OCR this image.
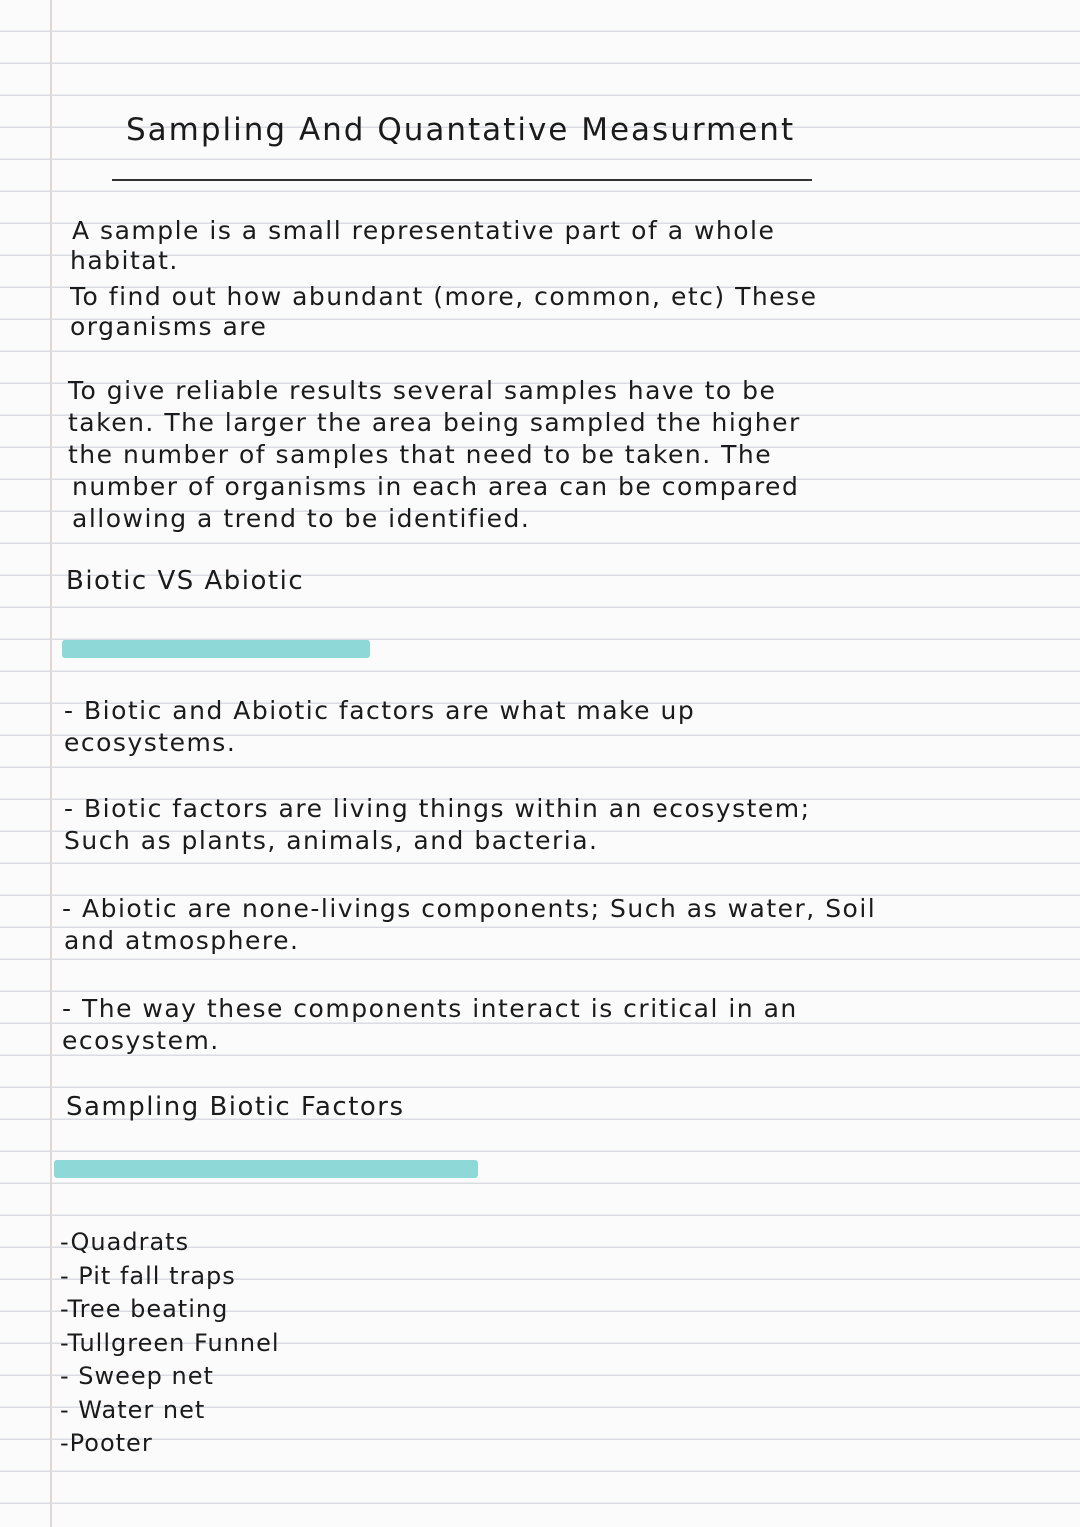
Sampling And Quantative Measurment
A sample is a small representative part of a whole
habitat.
To find out how abundant (more, common, etc) These
organisms are
To give reliable results several samples have to be
taken. The larger the area being sampled the higher
the number of samples that need to be taken. The
number of organisms in each area can be compared
allowing a trend to be identified.
Biotic VS Abiotic
- Biotic and Abiotic factors are what make up
ecosystems.
- Biotic factors are living things within an ecosystem;
Such as plants, animals, and bacteria.
- Abiotic are none-livings components; Such as water, Soil
and atmosphere.
- The way these components interact is critical in an
ecosystem.
Sampling Biotic Factors
-Quadrats
- Pit fall traps
-Tree beating
-Tullgreen Funnel
- Sweep net
- Water net
-Pooter
